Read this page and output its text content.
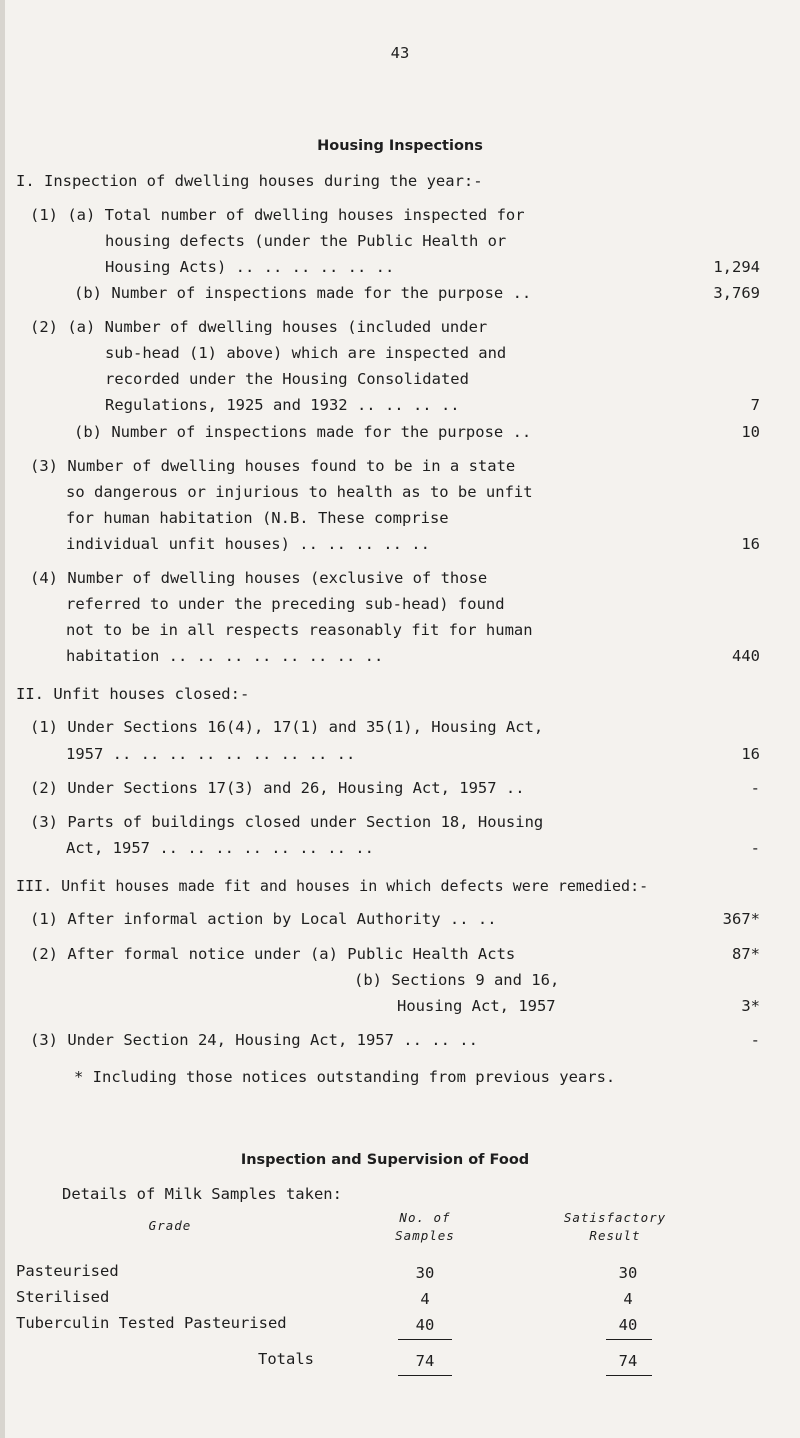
43
Housing Inspections
I. Inspection of dwelling houses during the year:-
(1) (a) Total number of dwelling houses inspected for
housing defects (under the Public Health or
Housing Acts) .. .. .. .. .. ..	1,294
(b) Number of inspections made for the purpose ..	3,769
(2) (a) Number of dwelling houses (included under
sub-head (1) above) which are inspected and
recorded under the Housing Consolidated
Regulations, 1925 and 1932 .. .. .. ..	7
(b) Number of inspections made for the purpose ..	10
(3) Number of dwelling houses found to be in a state
so dangerous or injurious to health as to be unfit
for human habitation (N.B. These comprise
individual unfit houses) .. .. .. .. ..	16
(4) Number of dwelling houses (exclusive of those
referred to under the preceding sub-head) found
not to be in all respects reasonably fit for human
habitation .. .. .. .. .. .. .. ..	440
II. Unfit houses closed:-
(1) Under Sections 16(4), 17(1) and 35(1), Housing Act,
1957 .. .. .. .. .. .. .. .. ..	16
(2) Under Sections 17(3) and 26, Housing Act, 1957 ..	-
(3) Parts of buildings closed under Section 18, Housing
Act, 1957 .. .. .. .. .. .. .. ..	-
III. Unfit houses made fit and houses in which defects were remedied:-
(1) After informal action by Local Authority .. ..	367*
(2) After formal notice under (a) Public Health Acts	87*
(b) Sections 9 and 16,
Housing Act, 1957	3*
(3) Under Section 24, Housing Act, 1957 .. .. ..	-
* Including those notices outstanding from previous years.
Inspection and Supervision of Food
Details of Milk Samples taken:
Grade
No. of
Samples
Satisfactory
Result
Pasteurised	30	30
Sterilised	4	4
Tuberculin Tested Pasteurised	40	40
Totals	74	74
